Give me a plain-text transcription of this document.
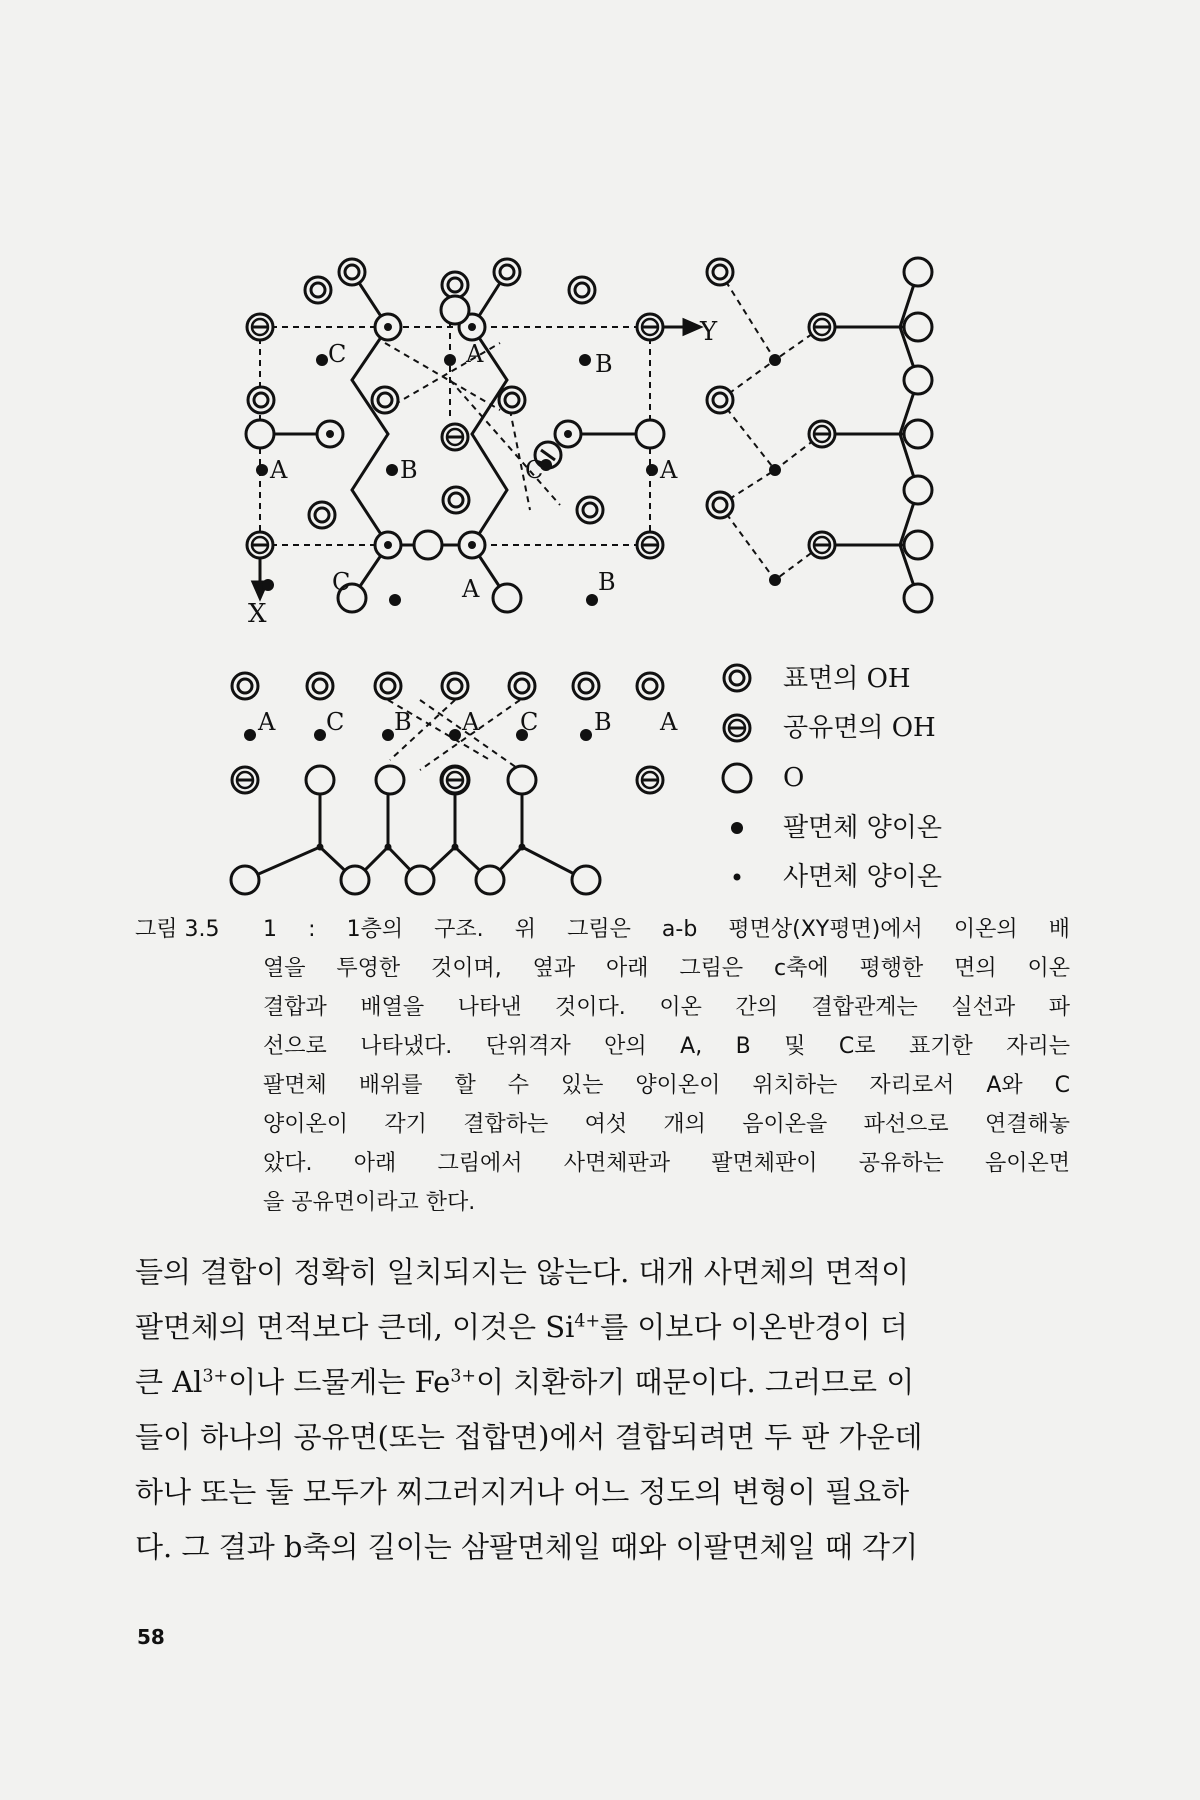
C	A	B
A	B	C	A
C	A	B
A C B A C B A
Y
X
표면의 OH
공유면의 OH
O
팔면체 양이온
사면체 양이온
그림 3.5	1 : 1층의 구조. 위 그림은 a-b 평면상(XY평면)에서 이온의 배
열을 투영한 것이며, 옆과 아래 그림은 c축에 평행한 면의 이온
결합과 배열을 나타낸 것이다. 이온 간의 결합관계는 실선과 파
선으로 나타냈다. 단위격자 안의 A, B 및 C로 표기한 자리는
팔면체 배위를 할 수 있는 양이온이 위치하는 자리로서 A와 C
양이온이 각기 결합하는 여섯 개의 음이온을 파선으로 연결해놓
았다. 아래 그림에서 사면체판과 팔면체판이 공유하는 음이온면
을 공유면이라고 한다.
들의 결합이 정확히 일치되지는 않는다. 대개 사면체의 면적이
팔면체의 면적보다 큰데, 이것은 $Si^{4+}$를 이보다 이온반경이 더
큰 $Al^{3+}$이나 드물게는 $Fe^{3+}$이 치환하기 때문이다. 그러므로 이
들이 하나의 공유면(또는 접합면)에서 결합되려면 두 판 가운데
하나 또는 둘 모두가 찌그러지거나 어느 정도의 변형이 필요하
다. 그 결과 b축의 길이는 삼팔면체일 때와 이팔면체일 때 각기
58
